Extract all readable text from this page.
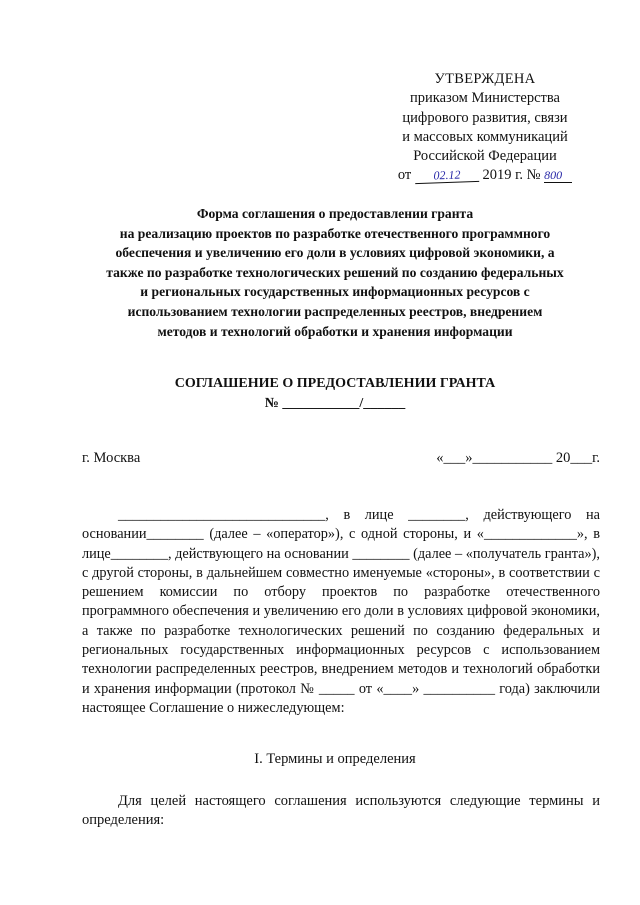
УТВЕРЖДЕНА
приказом Министерства
цифрового развития, связи
и массовых коммуникаций
Российской Федерации
от 02.12 2019 г. № 800
Форма соглашения о предоставлении гранта
на реализацию проектов по разработке отечественного программного
обеспечения и увеличению его доли в условиях цифровой экономики, а
также по разработке технологических решений по созданию федеральных
и региональных государственных информационных ресурсов с
использованием технологии распределенных реестров, внедрением
методов и технологий обработки и хранения информации
СОГЛАШЕНИЕ О ПРЕДОСТАВЛЕНИИ ГРАНТА
№ ___________/______
г. Москва	«___»___________ 20___г.
_____________________________, в лице ________, действующего на основании________ (далее – «оператор»), с одной стороны, и «_____________», в лице________, действующего на основании ________ (далее – «получатель гранта»), с другой стороны, в дальнейшем совместно именуемые «стороны», в соответствии с решением комиссии по отбору проектов по разработке отечественного программного обеспечения и увеличению его доли в условиях цифровой экономики, а также по разработке технологических решений по созданию федеральных и региональных государственных информационных ресурсов с использованием технологии распределенных реестров, внедрением методов и технологий обработки и хранения информации (протокол № _____ от «____» __________ года) заключили настоящее Соглашение о нижеследующем:
I. Термины и определения
Для целей настоящего соглашения используются следующие термины и определения:
